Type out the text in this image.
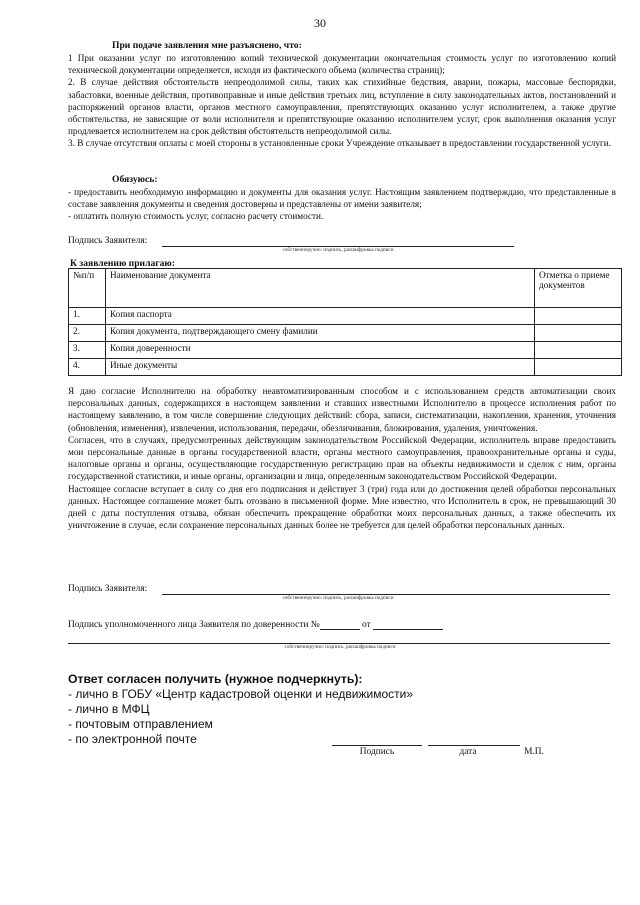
30
При подаче заявления мне разъяснено, что:

1 При оказании услуг по изготовлению копий технической документации окончательная стоимость услуг по изготовлению копий технической документации определяется, исходя из фактического объема (количества страниц);

2. В случае действия обстоятельств непреодолимой силы, таких как стихийные бедствия, аварии, пожары, массовые беспорядки, забастовки, военные действия, противоправные и иные действия третьих лиц, вступление в силу законодательных актов, постановлений и распоряжений органов власти, органов местного самоуправления, препятствующих оказанию услуг исполнителем, а также другие обстоятельства, не зависящие от воли исполнителя и препятствующие оказанию исполнителем услуг, срок выполнения оказания услуг продлевается исполнителем на срок действия обстоятельств непреодолимой силы.

3. В случае отсутствия оплаты с моей стороны в установленные сроки Учреждение отказывает в предоставлении государственной услуги.

Обязуюсь:

- предоставить необходимую информацию и документы для оказания услуг. Настоящим заявлением подтверждаю, что представленные в составе заявления документы и сведения достоверны и представлены от имени заявителя;

- оплатить полную стоимость услуг, согласно расчету стоимости.

Подпись Заявителя:
собственноручно: подпись, расшифровка подписи
К заявлению прилагаю:
№п/п	Наименование документа	Отметка о приеме документов
1.	Копия паспорта	
2.	Копия документа, подтверждающего смену фамилии	
3.	Копия доверенности	
4.	Иные документы	

Я даю согласие Исполнителю на обработку неавтоматизированным способом и с использованием средств автоматизации своих персональных данных, содержащихся в настоящем заявлении и ставших известными Исполнителю в процессе исполнения работ по настоящему заявлению, в том числе совершение следующих действий: сбора, записи, систематизации, накопления, хранения, уточнения (обновления, изменения), извлечения, использования, передачи, обезличивания, блокирования, удаления, уничтожения.

Согласен, что в случаях, предусмотренных действующим законодательством Российской Федерации, исполнитель вправе предоставить мои персональные данные в органы государственной власти, органы местного самоуправления, правоохранительные органы и суды, налоговые органы и органы, осуществляющие государственную регистрацию прав на объекты недвижимости и сделок с ним, органы государственной статистики, и иные органы, организации и лица, определенным законодательством Российской Федерации.

Настоящее согласие вступает в силу со дня его подписания и действует 3 (три) года или до достижения целей обработки персональных данных. Настоящее соглашение может быть отозвано в письменной форме. Мне известно, что Исполнитель в срок, не превышающий 30 дней с даты поступления отзыва, обязан обеспечить прекращение обработки моих персональных данных, а также обеспечить их уничтожение в случае, если сохранение персональных данных более не требуется для целей обработки персональных данных.

Подпись Заявителя:
собственноручно: подпись, расшифровка подписи
Подпись уполномоченного лица Заявителя по доверенности №	от
собственноручно: подпись, расшифровка подписи
Ответ согласен получить (нужное подчеркнуть):
- лично в ГОБУ «Центр кадастровой оценки и недвижимости»
- лично в МФЦ
- почтовым отправлением
- по электронной почте
Подпись	дата	М.П.
